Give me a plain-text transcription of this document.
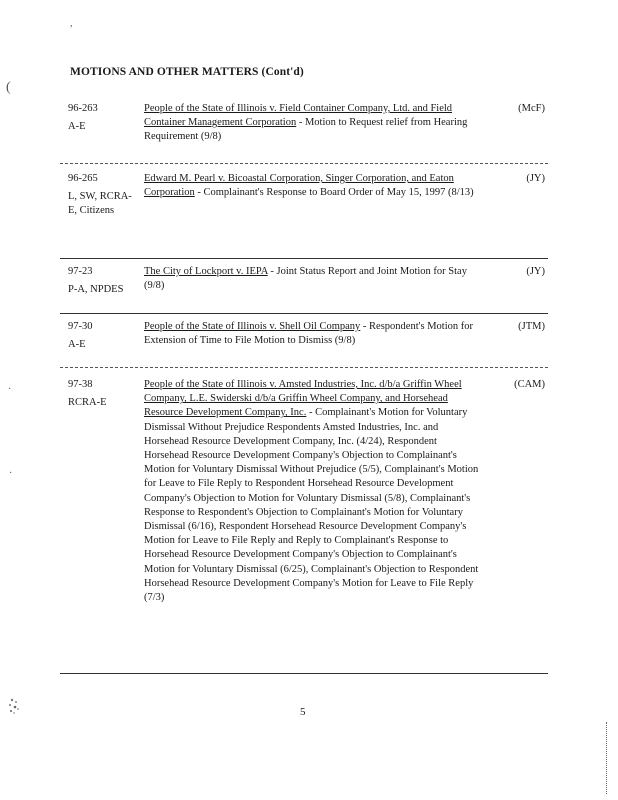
,
(
·
·
MOTIONS AND OTHER MATTERS (Cont'd)
96-263
A-E
People of the State of Illinois v. Field Container Company, Ltd. and Field Container Management Corporation - Motion to Request relief from Hearing Requirement (9/8)
(McF)
96-265
L, SW, RCRA-E, Citizens
Edward M. Pearl v. Bicoastal Corporation, Singer Corporation, and Eaton Corporation - Complainant's Response to Board Order of May 15, 1997 (8/13)
(JY)
97-23
P-A, NPDES
The City of Lockport v. IEPA - Joint Status Report and Joint Motion for Stay (9/8)
(JY)
97-30
A-E
People of the State of Illinois v. Shell Oil Company - Respondent's Motion for Extension of Time to File Motion to Dismiss (9/8)
(JTM)
97-38
RCRA-E
People of the State of Illinois v. Amsted Industries, Inc. d/b/a Griffin Wheel Company, L.E. Swiderski d/b/a Griffin Wheel Company, and Horsehead Resource Development Company, Inc. - Complainant's Motion for Voluntary Dismissal Without Prejudice Respondents Amsted Industries, Inc. and Horsehead Resource Development Company, Inc. (4/24), Respondent Horsehead Resource Development Company's Objection to Complainant's Motion for Voluntary Dismissal Without Prejudice (5/5), Complainant's Motion for Leave to File Reply to Respondent Horsehead Resource Development Company's Objection to Motion for Voluntary Dismissal (5/8), Complainant's Response to Respondent's Objection to Complainant's Motion for Voluntary Dismissal (6/16), Respondent Horsehead Resource Development Company's Motion for Leave to File Reply and Reply to Complainant's Response to Horsehead Resource Development Company's Objection to Complainant's Motion for Voluntary Dismissal (6/25), Complainant's Objection to Respondent Horsehead Resource Development Company's Motion for Leave to File Reply (7/3)
(CAM)
5
